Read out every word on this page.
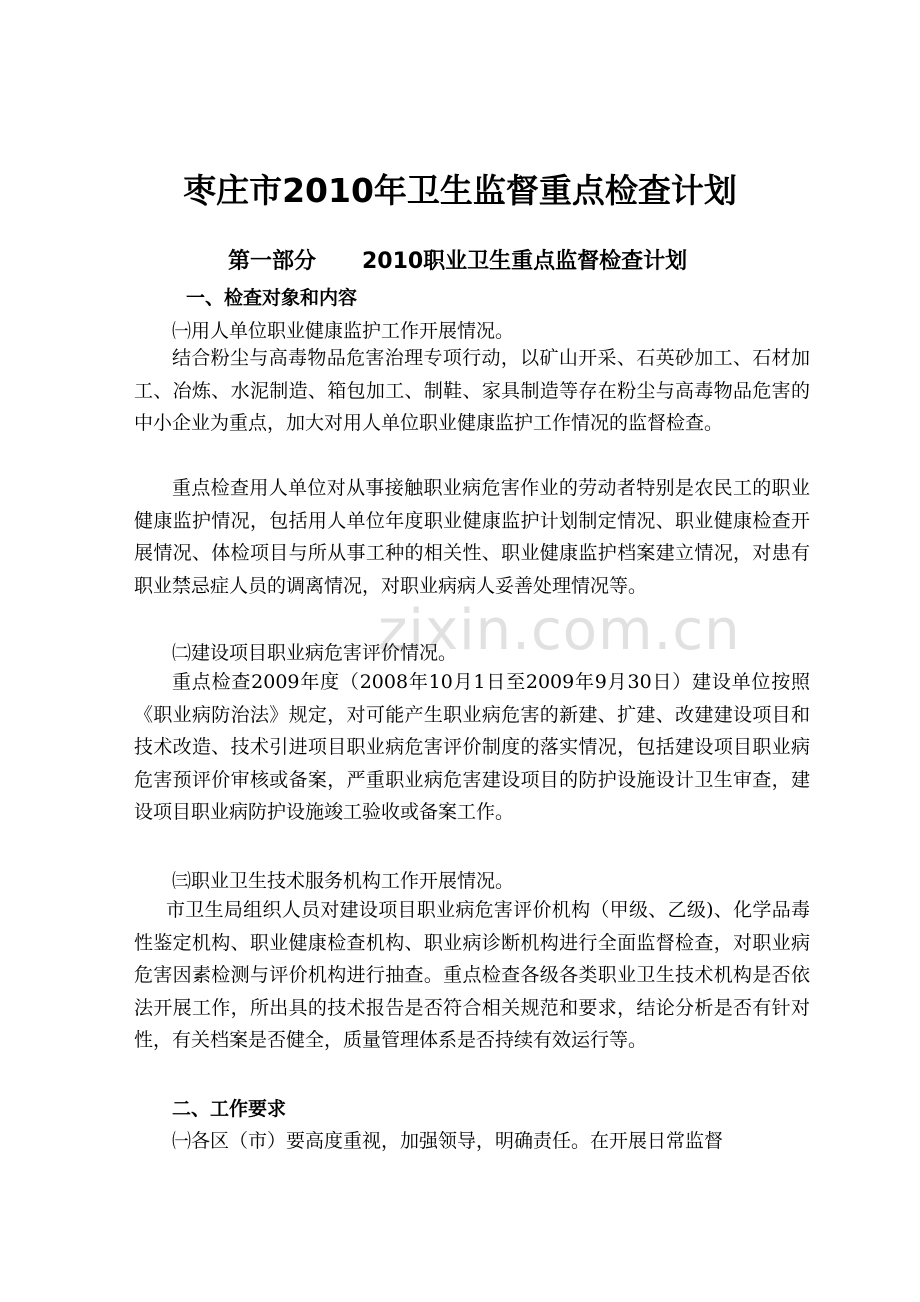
zixin.com.cn
枣庄市2010年卫生监督重点检查计划
第一部分      2010职业卫生重点监督检查计划
一、检查对象和内容
㈠用人单位职业健康监护工作开展情况。

结合粉尘与高毒物品危害治理专项行动，以矿山开采、石英砂加工、石材加工、冶炼、水泥制造、箱包加工、制鞋、家具制造等存在粉尘与高毒物品危害的中小企业为重点，加大对用人单位职业健康监护工作情况的监督检查。

重点检查用人单位对从事接触职业病危害作业的劳动者特别是农民工的职业健康监护情况，包括用人单位年度职业健康监护计划制定情况、职业健康检查开展情况、体检项目与所从事工种的相关性、职业健康监护档案建立情况，对患有职业禁忌症人员的调离情况，对职业病病人妥善处理情况等。

㈡建设项目职业病危害评价情况。

重点检查2009年度（2008年10月1日至2009年9月30日）建设单位按照《职业病防治法》规定，对可能产生职业病危害的新建、扩建、改建建设项目和技术改造、技术引进项目职业病危害评价制度的落实情况，包括建设项目职业病危害预评价审核或备案，严重职业病危害建设项目的防护设施设计卫生审查，建设项目职业病防护设施竣工验收或备案工作。

㈢职业卫生技术服务机构工作开展情况。

市卫生局组织人员对建设项目职业病危害评价机构（甲级、乙级)、化学品毒性鉴定机构、职业健康检查机构、职业病诊断机构进行全面监督检查，对职业病危害因素检测与评价机构进行抽查。重点检查各级各类职业卫生技术机构是否依法开展工作，所出具的技术报告是否符合相关规范和要求，结论分析是否有针对性，有关档案是否健全，质量管理体系是否持续有效运行等。

二、工作要求
㈠各区（市）要高度重视，加强领导，明确责任。在开展日常监督
